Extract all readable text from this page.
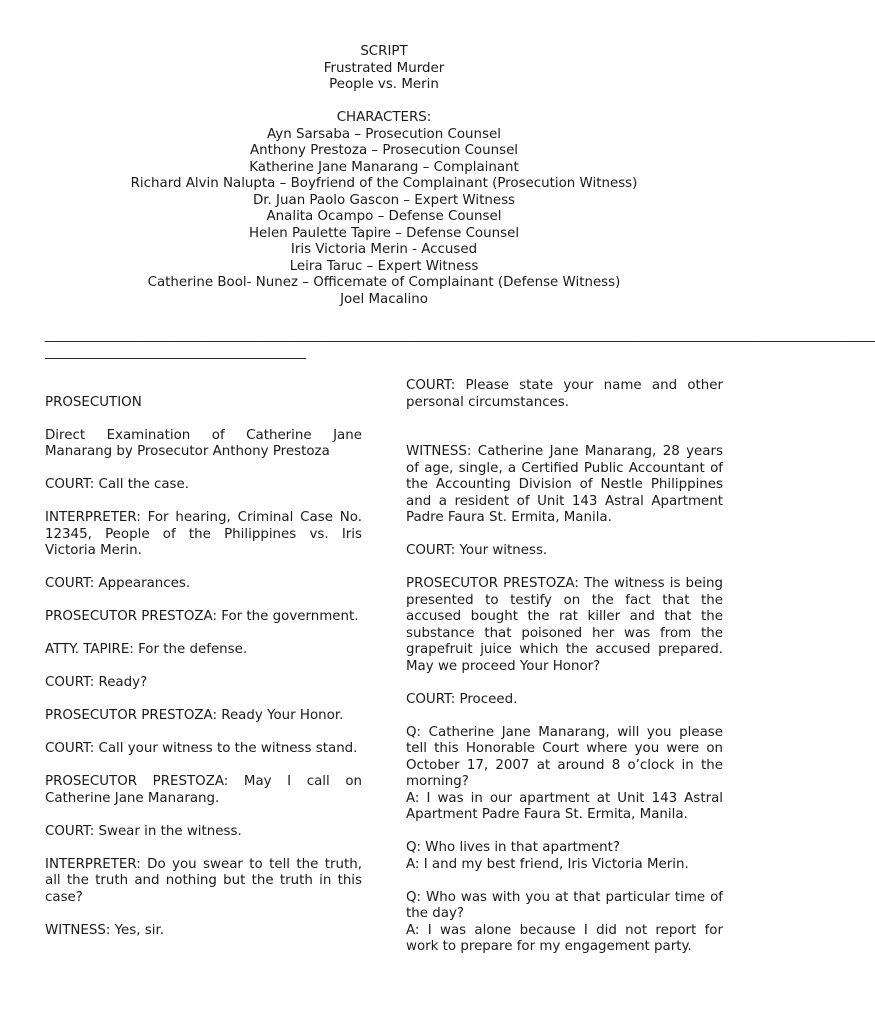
SCRIPT
Frustrated Murder
People vs. Merin
CHARACTERS:
Ayn Sarsaba – Prosecution Counsel
Anthony Prestoza – Prosecution Counsel
Katherine Jane Manarang – Complainant
Richard Alvin Nalupta – Boyfriend of the Complainant (Prosecution Witness)
Dr. Juan Paolo Gascon – Expert Witness
Analita Ocampo – Defense Counsel
Helen Paulette Tapire – Defense Counsel
Iris Victoria Merin - Accused
Leira Taruc – Expert Witness
Catherine Bool- Nunez – Officemate of Complainant (Defense Witness)
Joel Macalino
____________________________________________________________________________________________________________________________
_______________________________________

PROSECUTION

Direct Examination of Catherine Jane Manarang by Prosecutor Anthony Prestoza

COURT: Call the case.

INTERPRETER: For hearing, Criminal Case No. 12345, People of the Philippines vs. Iris Victoria Merin.

COURT: Appearances.

PROSECUTOR PRESTOZA: For the government.

ATTY. TAPIRE: For the defense.

COURT: Ready?

PROSECUTOR PRESTOZA: Ready Your Honor.

COURT: Call your witness to the witness stand.

PROSECUTOR PRESTOZA: May I call on Catherine Jane Manarang.

COURT: Swear in the witness.

INTERPRETER: Do you swear to tell the truth, all the truth and nothing but the truth in this case?

WITNESS: Yes, sir.

COURT: Please state your name and other personal circumstances.

WITNESS: Catherine Jane Manarang, 28 years of age, single, a Certified Public Accountant of the Accounting Division of Nestle Philippines and a resident of Unit 143 Astral Apartment Padre Faura St. Ermita, Manila.

COURT: Your witness.

PROSECUTOR PRESTOZA: The witness is being presented to testify on the fact that the accused bought the rat killer and that the substance that poisoned her was from the grapefruit juice which the accused prepared. May we proceed Your Honor?

COURT: Proceed.

Q: Catherine Jane Manarang, will you please tell this Honorable Court where you were on October 17, 2007 at around 8 o’clock in the morning?

A: I was in our apartment at Unit 143 Astral Apartment Padre Faura St. Ermita, Manila.

Q: Who lives in that apartment?

A: I and my best friend, Iris Victoria Merin.

Q: Who was with you at that particular time of the day?

A: I was alone because I did not report for work to prepare for my engagement party.
